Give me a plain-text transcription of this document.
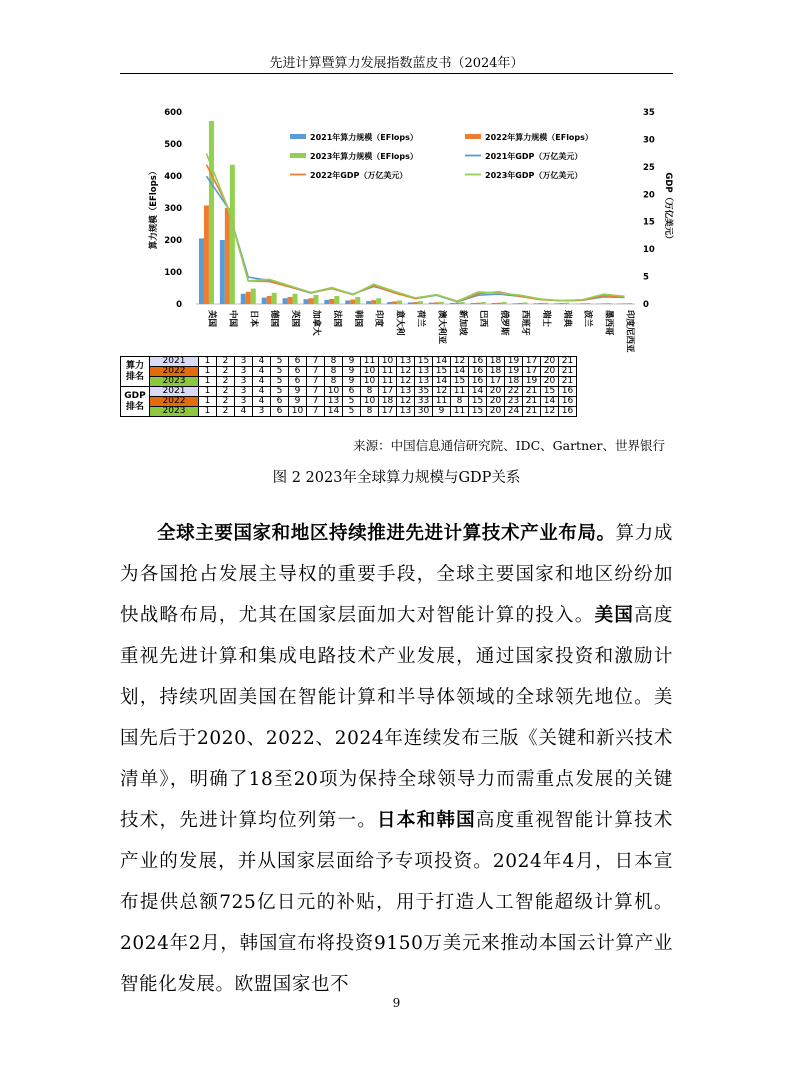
先进计算暨算力发展指数蓝皮书（2024年）
0
100
200
300
400
500
600
0
5
10
15
20
25
30
35
算力规模（EFlops）	GDP（万亿美元）
2021年算力规模（EFlops）	2022年算力规模（EFlops）
2023年算力规模（EFlops）	2021年GDP（万亿美元）
2022年GDP（万亿美元）	2023年GDP（万亿美元）
美国 中国 日本 德国 英国 加拿大 法国 韩国 印度 意大利 荷兰 澳大利亚 新加坡 巴西 俄罗斯 西班牙 瑞士 瑞典 波兰 墨西哥 印度尼西亚
算力
排名	2021	1	2	3	4	5	6	7	8	9	11	10	13	15	14	12	16	18	19	17	20	21
	2022	1	2	3	4	5	6	7	8	9	10	11	12	13	15	14	16	18	19	17	20	21
	2023	1	2	3	4	5	6	7	8	9	10	11	12	13	14	15	16	17	18	19	20	21

GDP
排名	2021	1	2	3	4	5	9	7	10	6	8	17	13	35	12	11	14	20	22	21	15	16
	2022	1	2	3	4	6	9	7	13	5	10	18	12	33	11	8	15	20	23	21	14	16
	2023	1	2	4	3	6	10	7	14	5	8	17	13	30	9	11	15	20	24	21	12	16
来源：中国信息通信研究院、IDC、Gartner、世界银行
图 2 2023年全球算力规模与GDP关系

全球主要国家和地区持续推进先进计算技术产业布局。算力成为各国抢占发展主导权的重要手段，全球主要国家和地区纷纷加快战略布局，尤其在国家层面加大对智能计算的投入。美国高度重视先进计算和集成电路技术产业发展，通过国家投资和激励计划，持续巩固美国在智能计算和半导体领域的全球领先地位。美国先后于2020、2022、2024年连续发布三版《关键和新兴技术清单》，明确了18至20项为保持全球领导力而需重点发展的关键技术，先进计算均位列第一。日本和韩国高度重视智能计算技术产业的发展，并从国家层面给予专项投资。2024年4月，日本宣布提供总额725亿日元的补贴，用于打造人工智能超级计算机。2024年2月，韩国宣布将投资9150万美元来推动本国云计算产业智能化发展。欧盟国家也不

9
